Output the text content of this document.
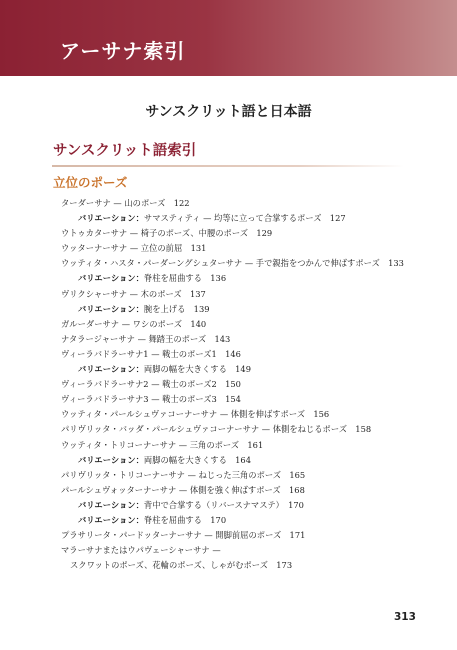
アーサナ索引
サンスクリット語と日本語
サンスクリット語索引
立位のポーズ
ターダーサナ — 山のポーズ　122
バリエーション：サマスティティ — 均等に立って合掌するポーズ　127
ウトゥカターサナ — 椅子のポーズ、中腰のポーズ　129
ウッターナーサナ — 立位の前屈　131
ウッティタ・ハスタ・パーダーングシュターサナ — 手で親指をつかんで伸ばすポーズ　133
バリエーション：脊柱を屈曲する　136
ヴリクシャーサナ — 木のポーズ　137
バリエーション：腕を上げる　139
ガルーダーサナ — ワシのポーズ　140
ナタラージャーサナ — 舞踏王のポーズ　143
ヴィーラバドラーサナ1 — 戦士のポーズ1　146
バリエーション：両脚の幅を大きくする　149
ヴィーラバドラーサナ2 — 戦士のポーズ2　150
ヴィーラバドラーサナ3 — 戦士のポーズ3　154
ウッティタ・パールシュヴァコーナーサナ — 体側を伸ばすポーズ　156
パリヴリッタ・バッダ・パールシュヴァコーナーサナ — 体側をねじるポーズ　158
ウッティタ・トリコーナーサナ — 三角のポーズ　161
バリエーション：両脚の幅を大きくする　164
パリヴリッタ・トリコーナーサナ — ねじった三角のポーズ　165
パールシュヴォッターナーサナ — 体側を強く伸ばすポーズ　168
バリエーション：背中で合掌する（リバースナマステ）　170
バリエーション：脊柱を屈曲する　170
プラサリータ・パードッターナーサナ — 開脚前屈のポーズ　171
マラーサナまたはウパヴェーシャーサナ —
スクワットのポーズ、花輪のポーズ、しゃがむポーズ　173
313
